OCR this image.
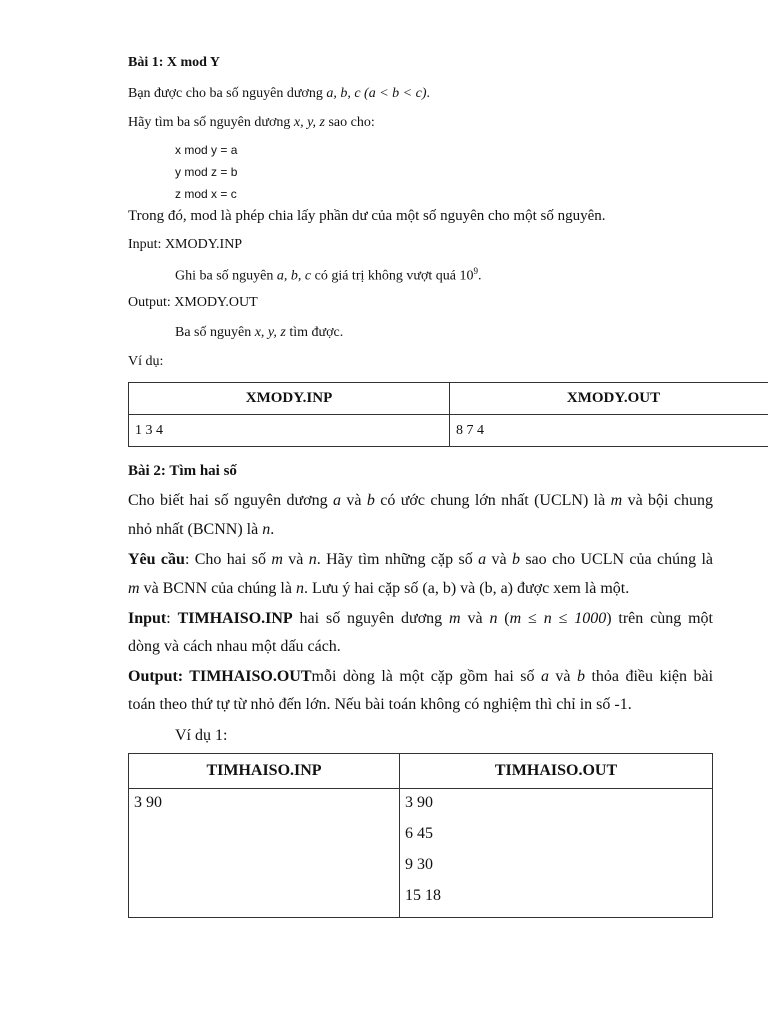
Bài 1: X mod Y
Bạn được cho ba số nguyên dương a, b, c (a < b < c).
Hãy tìm ba số nguyên dương x, y, z sao cho:
x mod y = a
y mod z = b
z mod x = c
Trong đó, mod là phép chia lấy phần dư của một số nguyên cho một số nguyên.
Input: XMODY.INP
Ghi ba số nguyên a, b, c có giá trị không vượt quá $10^9$.
Output: XMODY.OUT
Ba số nguyên x, y, z tìm được.
Ví dụ:
XMODY.INP	XMODY.OUT
1 3 4	8 7 4
Bài 2: Tìm hai số
Cho biết hai số nguyên dương a và b có ước chung lớn nhất (UCLN) là m và bội chung
nhỏ nhất (BCNN) là n.
Yêu cầu: Cho hai số m và n. Hãy tìm những cặp số a và b sao cho UCLN của chúng là
m và BCNN của chúng là n. Lưu ý hai cặp số (a, b) và (b, a) được xem là một.
Input: TIMHAISO.INP hai số nguyên dương m và n (m ≤ n ≤ 1000) trên cùng một
dòng và cách nhau một dấu cách.
Output: TIMHAISO.OUTmỗi dòng là một cặp gồm hai số a và b thỏa điều kiện bài
toán theo thứ tự từ nhỏ đến lớn. Nếu bài toán không có nghiệm thì chỉ in số -1.
Ví dụ 1:
TIMHAISO.INP	TIMHAISO.OUT

3 90	3 90
6 45
9 30
15 18
